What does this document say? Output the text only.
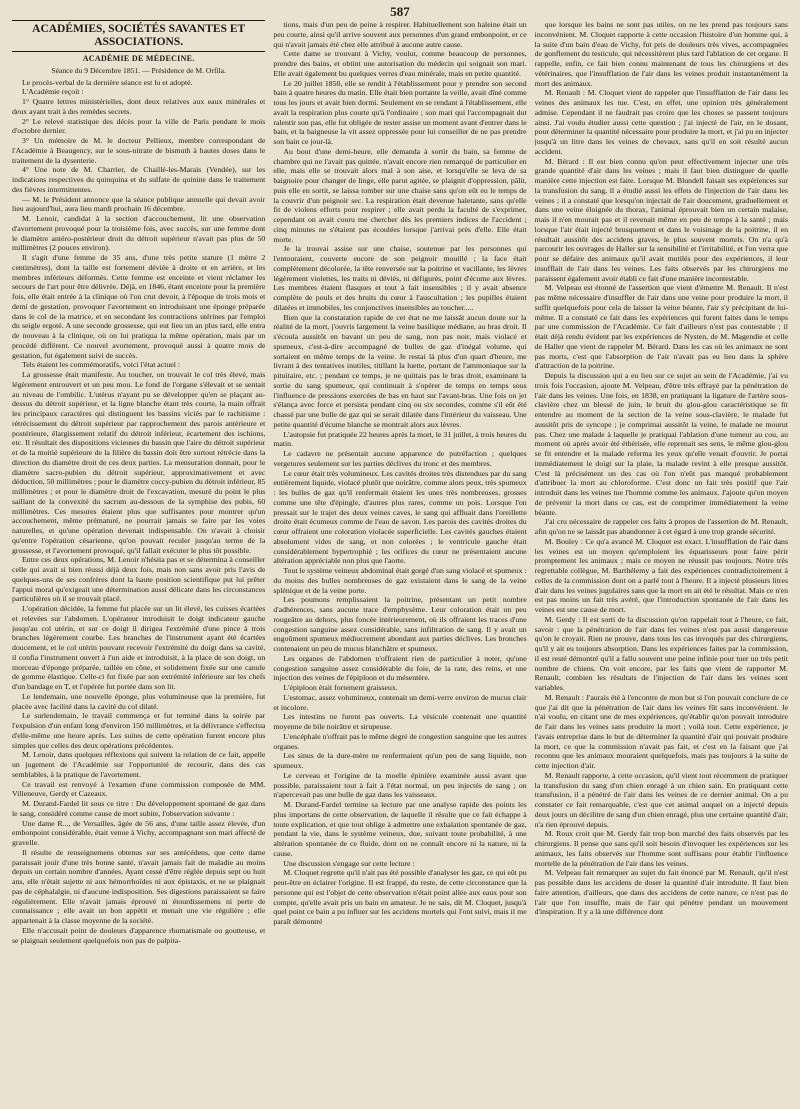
587
ACADÉMIES, SOCIÉTÉS SAVANTES ET ASSOCIATIONS.
ACADÉMIE DE MÉDECINE.
Séance du 9 Décembre 1851. — Présidence de M. Orfila.

Le procès-verbal de la dernière séance est lu et adopté.

L'Académie reçoit :

1° Quatre lettres ministérielles, dont deux relatives aux eaux minérales et deux ayant trait à des remèdes secrets.

2° Le relevé statistique des décès pour la ville de Paris pendant le mois d'octobre dernier.

3° Un mémoire de M. le docteur Pellieux, membre correspondant de l'Académie à Beaugency, sur le sous-nitrate de bismuth à hautes doses dans le traitement de la dysenterie.

4° Une note de M. Charrier, de Chaillé-les-Marais (Vendée), sur les indications respectives du quinquina et du sulfate de quinine dans le traitement des fièvres intermittentes.

— M. le Président annonce que la séance publique annuelle qui devait avoir lieu aujourd'hui, aura lieu mardi prochain 16 décembre.

M. Lenoir, candidat à la section d'accouchement, lit une observation d'avortement provoqué pour la troisième fois, avec succès, sur une femme dont le diamètre antéro-postérieur droit du détroit supérieur n'avait pas plus de 50 millimètres (2 pouces environ).

Il s'agit d'une femme de 35 ans, d'une très petite stature (1 mètre 2 centimètres), dont la taille est fortement déviée à droite et en arrière, et les membres inférieurs déformés. Cette femme est enceinte et vient réclamer les secours de l'art pour être délivrée. Déjà, en 1846, étant enceinte pour la première fois, elle était entrée à la clinique où l'on crut devoir, à l'époque de trois mois et demi de gestation, provoquer l'avortement en introduisant une éponge préparée dans le col de la matrice, et en secondant les contractions utérines par l'emploi du seigle ergoté. A une seconde grossesse, qui eut lieu un an plus tard, elle entra de nouveau à la clinique, où on lui pratiqua la même opération, mais par un procédé différent. Ce nouvel avortement, provoqué aussi à quatre mois de gestation, fut également suivi de succès.

Tels étaient les commémoratifs, voici l'état actuel :

La grossesse était manifeste. Au toucher, on trouvait le col très élevé, mais légèrement entrouvert et un peu mou. Le fond de l'organe s'élevait et se sentait au niveau de l'ombilic. L'utérus n'ayant pu se développer qu'en se plaçant au-dessus du détroit supérieur, et la ligne blanche étant très courte, la main offrait les principaux caractères qui distinguent les bassins viciés par le rachitisme : rétrécissement du détroit supérieur par rapprochement des parois antérieure et postérieure, élargissement relatif du détroit inférieur, écartement des ischions, etc. Il résultait des dispositions vicieuses du bassin que l'aire du détroit supérieur et de la moitié supérieure de la filière du bassin doit être surtout rétrécie dans la direction du diamètre droit de ces deux parties. La mensuration donnait, pour le diamètre sacro-pubien du détroit supérieur, approximativement et avec déduction, 50 millimètres ; pour le diamètre coccy-pubien du détroit inférieur, 85 millimètres ; et pour le diamètre droit de l'excavation, mesuré du point le plus saillant de la convexité du sacrum au-dessous de la symphise des pubis, 60 millimètres. Ces mesures étaient plus que suffisantes pour montrer qu'un accouchement, même prématuré, ne pourrait jamais se faire par les voies naturelles, et qu'une opération devenait indispensable. On n'avait à choisir qu'entre l'opération césarienne, qu'on pouvait reculer jusqu'au terme de la grossesse, et l'avortement provoqué, qu'il fallait exécuter le plus tôt possible.

Entre ces deux opérations, M. Lenoir n'hésita pas et se détermina à conseiller celle qui avait si bien réussi déjà deux fois, mais non sans avoir pris l'avis de quelques-uns de ses confrères dont la haute position scientifique put lui prêter l'appui moral qu'exigeait une détermination aussi délicate dans les circonstances particulières où il se trouvait placé.

L'opération décidée, la femme fut placée sur un lit élevé, les cuisses écartées et relevées sur l'abdomen. L'opérateur introduisit le doigt indicateur gauche jusqu'au col utérin, et sur ce doigt il dirigea l'extrémité d'une pince à trois branches légèrement courbe. Les branches de l'instrument ayant été écartées doucement, et le col utérin pouvant recevoir l'extrémité du doigt dans sa cavité, il confia l'instrument ouvert à l'un aide et introduisit, à la place de son doigt, un morceau d'éponge préparée, taillée en cône, et solidement fixée sur une canule de gomme élastique. Celle-ci fut fixée par son extrémité inférieure sur les chefs d'un bandage en T, et l'opérée fut portée dans son lit.

Le lendemain, une nouvelle éponge, plus volumineuse que la première, fut placée avec facilité dans la cavité du col dilaté.

Le surlendemain, le travail commença et fut terminé dans la soirée par l'expulsion d'un enfant long d'environ 150 millimètres, et la délivrance s'effectua d'elle-même une heure après. Les suites de cette opération furent encore plus simples que celles des deux opérations précédentes.

M. Lenoir, dans quelques réflexions qui suivent la relation de ce fait, appelle un jugement de l'Académie sur l'opportunité de recourir, dans des cas semblables, à la pratique de l'avortement.

Ce travail est renvoyé à l'examen d'une commission composée de MM. Villeneuve, Gerdy et Cazeaux.

M. Durand-Fardel lit sous ce titre : Du développement spontané de gaz dans le sang, considéré comme cause de mort subite, l'observation suivante :

Une dame R..., de Versailles, âgée de 56 ans, d'une taille assez élevée, d'un embonpoint considérable, était venue à Vichy, accompagnant son mari affecté de gravelle.

Il résulte de renseignemens obtenus sur ses antécédens, que cette dame paraissait jouir d'une très bonne santé, n'avait jamais fait de maladie au moins depuis un certain nombre d'années. Ayant cessé d'être réglée depuis sept ou huit ans, elle n'était sujette ni aux hémorrhoïdes ni aux épistaxis, et ne se plaignait pas de céphalalgie, ni d'aucune indisposition. Ses digestions paraissaient se faire régulièrement. Elle n'avait jamais éprouvé ni étourdissemens ni perte de connaissance ; elle avait un bon appétit et menait une vie régulière ; elle appartenait à la classe moyenne de la société.

Elle n'accusait point de douleurs d'apparence rhumatismale ou goutteuse, et se plaignait seulement quelquefois non pas de palpita-

tions, mais d'un peu de peine à respirer. Habituellement son haleine était un peu courte, ainsi qu'il arrive souvent aux personnes d'un grand embonpoint, et ce qui n'avait jamais été chez elle attribué à aucune autre cause.

Cette dame se trouvant à Vichy, voulut, comme beaucoup de personnes, prendre des bains, et obtint une autorisation du médecin qui soignait son mari. Elle avait également bu quelques verres d'eau minérale, mais en petite quantité.

Le 20 juillet 1850, elle se rendit à l'établissement pour y prendre son second bain à quatre heures du matin. Elle était bien portante la veille, avait dîné comme tous les jours et avait bien dormi. Seulement en se rendant à l'établissement, elle avait la respiration plus courte qu'à l'ordinaire ; son mari qui l'accompagnait dut ralentir son pas, elle fut obligée de rester assise un moment avant d'entrer dans le bain, et la baigneuse la vit assez oppressée pour lui conseiller de ne pas prendre son bain ce jour-là.

Au bout d'une demi-heure, elle demanda à sortir du bain, sa femme de chambre qui ne l'avait pas quittée, n'avait encore rien remarqué de particulier en elle, mais elle se trouvait alors mal à son aise, et lorsqu'elle se leva de sa baignoire pour changer de linge, elle parut agitée, se plaignit d'oppression, pâlit, puis elle en sortit, se laissa tomber sur une chaise sans qu'on eût eu le temps de la couvrir d'un peignoir sec. La respiration était devenue haletante, sans qu'elle fit de violens efforts pour respirer ; elle avait perdu la faculté de s'exprimer, cependant on avait couru me chercher dès les premiers indices de l'accident ; cinq minutes ne s'étaient pas écoulées lorsque j'arrivai près d'elle. Elle était morte.

Je la trouvai assise sur une chaise, soutenue par les personnes qui l'entouraient, couverte encore de son peignoir mouillé ; la face était complètement décolorée, la tête renversée sur la poitrine et vacillante, les lèvres légèrement violettes, les traits ni déviés, ni défigurés, point d'écume aux lèvres. Les membres étaient flasques et tout à fait insensibles ; il y avait absence complète de pouls et des bruits du cœur à l'auscultation ; les pupilles étaient dilatées et immobiles, les conjonctives insensibles au toucher.....

Bien que la constatation rapide de cet état ne me laissât aucun doute sur la réalité de la mort, j'ouvris largement la veine basilique médiane, au bras droit. Il s'écoula aussitôt en bavant un peu de sang, non pas noir, mais violacé et spumeux, c'est-à-dire accompagné de bulles de gaz d'inégal volume, qui sortaient en même temps de la veine. Je restai là plus d'un quart d'heure, me livrant à des tentatives inutiles, titillant la luette, portant de l'ammoniaque sur la pituitaire, etc. ; pendant ce temps, je ne quittais pas le bras droit, examinant la sortie du sang spumeux, qui continuait à s'opérer de temps en temps sous l'influence de pressions exercées de bas en haut sur l'avant-bras. Une fois on jet s'élança avec force et persista pendant cinq ou six secondes, comme s'il eût été chassé par une bulle de gaz qui se serait dilatée dans l'intérieur du vaisseau. Une petite quantité d'écume blanche se montrait alors aux lèvres.

L'autopsie fut pratiquée 22 heures après la mort, le 31 juillet, à trois heures du matin.

Le cadavre ne présentait aucune apparence de putréfaction ; quelques vergetures seulement sur les parties déclives du tronc et des membres.

Le cœur était très volumineux. Les cavités droites très distendues par du sang entièrement liquide, violacé plutôt que noirâtre, comme alors peux, très spumeux : les bulles de gaz qu'il renfermait étaient les unes très nombreuses, grosses comme une tête d'épingle, d'autres plus rares, comme un pois. Lorsque l'on pressait sur le trajet des deux veines caves, le sang qui affluait dans l'oreillette droite était écumeux comme de l'eau de savon. Les parois des cavités droites du cœur offraient une coloration violacée superficielle. Les cavités gauches étaient absolument vides de sang, et non colorées ; le ventricule gauche était considérablement hypertrophié ; les orifices du cœur ne présentaient aucune altération appréciable non plus que l'aorte.

Tout le système veineux abdominal était gorgé d'un sang violacé et spumeux : du moins des bulles nombreuses de gaz existaient dans le sang de la veine splénique et de la veine porte.

Les poumons remplissaient la poitrine, présentant un petit nombre d'adhérences, sans aucune trace d'emphysème. Leur coloration était un peu rougeâtre au dehors, plus foncée intérieurement, où ils offraient les traces d'une congestion sanguine assez considérable, sans infiltration de sang. Il y avait un engoûment spumeux médiocrement abondant aux parties déclives. Les bronches contenaient un peu de mucus blanchâtre et spumeux.

Les organes de l'abdomen n'offraient rien de particulier à noter, qu'une congestion sanguine assez considérable du foie, de la rate, des reins, et une injection des veines de l'épiploon et du mésentère.

L'épiploon était fortement graisseux.

L'estomac, assez volumineux, contenait un demi-verre environ de mucus clair et incolore.

Les intestins ne furent pas ouverts. La vésicule contenait une quantité moyenne de bile noirâtre et sirupeuse.

L'encéphale n'offrait pas le même degré de congestion sanguine que les autres organes.

Les sinus de la dure-mère ne renfermaient qu'un peu de sang liquide, non spumeux.

Le cerveau et l'origine de la moelle épinière examinée aussi avant que possible, paraissaient tout à fait à l'état normal, un peu injectés de sang ; on n'apercevait pas une bulle de gaz dans les vaisseaux.

M. Durand-Fardel termine sa lecture par une analyse rapide des points les plus importans de cette observation, de laquelle il résulte que ce fait échappe à toute explication, et que tout oblige à admettre une exhalation spontanée de gaz, pendant la vie, dans le système veineux, due, suivant toute probabilité, à une altération spontanée de ce fluide, dont on ne connaît encore ni la nature, ni la cause.

Une discussion s'engage sur cette lecture :

M. Cloquet regrette qu'il n'ait pas été possible d'analyser les gaz, ce qui eût pu peut-être en éclairer l'origine. Il est frappé, du reste, de cette circonstance que la personne qui est l'objet de cette observation n'était point allée aux eaux pour son compte, qu'elle avait pris un bain en amateur. Je ne sais, dit M. Cloquet, jusqu'à quel point ce bain a pu influer sur les accidens mortels qui l'ont suivi, mais il me paraît démontré

que lorsque les bains ne sont pas utiles, on ne les prend pas toujours sans inconvénient. M. Cloquet rapporte à cette occasion l'histoire d'un homme qui, à la suite d'un bain d'eau de Vichy, fut pris de douleurs très vives, accompagnées de gonflement du testicule, qui nécessitèrent plus tard l'ablation de cet organe. Il rappelle, enfin, ce fait bien connu maintenant de tous les chirurgiens et des vétérinaires, que l'insufflation de l'air dans les veines produit instantanément la mort des animaux.

M. Renault : M. Cloquet vient de rappeler que l'insufflation de l'air dans les veines des animaux les tue. C'est, en effet, une opinion très généralement admise. Cependant il ne faudrait pas croire que les choses se passent toujours ainsi. J'ai voulu étudier aussi cette question ; j'ai injecté de l'air, en le dosant, pour déterminer la quantité nécessaire pour produire la mort, et j'ai pu en injecter jusqu'à un litre dans les veines de chevaux, sans qu'il en soit résulté aucun accident.

M. Bérard : Il est bien connu qu'on peut effectivement injecter une très grande quantité d'air dans les veines ; mais il faut bien distinguer de quelle manière cette injection est faite. Lorsque M. Blundell faisait ses expériences sur la transfusion du sang, il a étudié aussi les effets de l'injection de l'air dans les veines ; il a constaté que lorsqu'on injectait de l'air doucement, graduellement et dans une veine éloignée du thorax, l'animal éprouvait bien un certain malaise, mais il n'en mourait pas et il revenait même en peu de temps à la santé ; mais lorsque l'air était injecté brusquement et dans le voisinage de la poitrine, il en résultait aussitôt des accidens graves, le plus souvent mortels. On n'a qu'à parcourir les ouvrages de Haller sur la sensibilité et l'irritabilité, et l'on verra que pour se défaire des animaux qu'il avait mutilés pour des expériences, il leur insufflait de l'air dans les veines. Les faits observés par les chirurgiens me paraissent également avoir établi ce fait d'une manière incontestable.

M. Velpeau est étonné de l'assertion que vient d'émettre M. Renault. Il n'est pas même nécessaire d'insuffler de l'air dans une veine pour produire la mort, il suffit quelquefois pour cela de laisser la veine béante, l'air s'y précipitant de lui-même. Il a constaté ce fait dans les expériences qui furent faites dans le temps par une commission de l'Académie. Ce fait d'ailleurs n'est pas contestable ; il était déjà rendu évident par les expériences de Nysten, de M. Magendie et celle de Haller que vient de rappeler M. Bérard. Dans les cas où les animaux ne sont pas morts, c'est que l'absorption de l'air n'avait pas eu lieu dans la sphère d'attraction de la poitrine.

Depuis la discussion qui a eu lieu sur ce sujet au sein de l'Académie, j'ai vu trois fois l'occasion, ajoute M. Velpeau, d'être très effrayé par la pénétration de l'air dans les veines. Une fois, en 1838, en pratiquant la ligature de l'artère sous-clavière chez un blessé de juin, le bruit du glou-glou caractéristique se fit entendre au moment de la section de la veine sous-clavière, le malade fut aussitôt pris de syncope ; je comprimai aussitôt la veine, le malade ne mourut pas. Chez une malade à laquelle je pratiquai l'ablation d'une tumeur au cou, au moment où après avoir été éthérisée, elle reprenait ses sens, le même glou-glou se fit entendre et la malade referma les yeux qu'elle venait d'ouvrir. Je portai immédiatement le doigt sur la plaie, la malade revint à elle presque aussitôt. C'est là précisément un des cas où l'on n'eût pas manqué probablement d'attribuer la mort au chloroforme. C'est donc un fait très positif que l'air introduit dans les veines tue l'homme comme les animaux. J'ajoute qu'on moyen de prévenir la mort dans ce cas, est de comprimer immédiatement la veine béante.

J'ai cru nécessaire de rappeler ces faits à propos de l'assertion de M. Renault, afin qu'on ne se laissât pas abandonner à cet égard à une trop grande sécurité.

M. Bouley : Ce qu'a avancé M. Cloquet est exact. L'insufflation de l'air dans les veines est un moyen qu'emploient les équarisseurs pour faire périr promptement les animaux ; mais ce moyen ne réussit pas toujours. Notre très regrettable collègue, M. Barthélemy a fait des expériences contradictoirement à celles de la commission dont on a parlé tout à l'heure. Il a injecté plusieurs litres d'air dans les veines jugulaires sans que la mort en ait été le résultat. Mais ce n'en est pas moins un fait très avéré, que l'introduction spontanée de l'air dans les veines est une cause de mort.

M. Gerdy : Il est sorti de la discussion qu'on rappelait tout à l'heure, ce fait, savoir : que la pénétration de l'air dans les veines n'est pas aussi dangereuse qu'on le croyait. Rien ne prouve, dans tous les cas invoqués par des chirurgiens, qu'il y ait eu toujours absorption. Dans les expériences faites par la commission, il est resté démontré qu'il a fallu souvent une peine infinie pour tuer un très petit nombre de chiens. On voit encore, par les faits que vient de rapporter M. Renault, combien les résultats de l'injection de l'air dans les veines sont variables.

M. Renault : J'aurais été à l'encontre de mon but si l'on pouvait conclure de ce que j'ai dit que la pénétration de l'air dans les veines fût sans inconvénient. Je n'ai voulu, en citant une de mes expériences, qu'établir qu'on pouvait introduire de l'air dans les veines sans produire la mort ; voilà tout. Cette expérience, je l'avais entreprise dans le but de déterminer la quantité d'air qui pouvait produire la mort, ce que la commission n'avait pas fait, et c'est en la faisant que j'ai reconnu que les animaux mouraient quelquefois, mais pas toujours à la suite de cette injection d'air.

M. Renault rapporte, à cette occasion, qu'il vient tout récemment de pratiquer la transfusion du sang d'un chien enragé à un chien sain. En pratiquant cette transfusion, il a pénétré de l'air dans les veines de ce dernier animal. On a pu constater ce fait remarquable, c'est que cet animal auquel on a injecté depuis deux jours un décilitre de sang d'un chien enragé, plus une certaine quantité d'air, n'a rien éprouvé depuis.

M. Roux croit que M. Gerdy fait trop bon marché des faits observés par les chirurgiens. Il pense que sans qu'il soit besoin d'invoquer les expériences sur les animaux, les faits observés sur l'homme sont suffisans pour établir l'influence mortelle de la pénétration de l'air dans les veines.

M. Velpeau fait remarquer au sujet du fait énoncé par M. Renault, qu'il n'est pas possible dans les accidens de doser la quantité d'air introduite. Il faut bien faire attention, d'ailleurs, que dans des accidens de cette nature, ce n'est pas de l'air que l'on insuffle, mais de l'air qui pénètre pendant un mouvement d'inspiration. Il y a là une différence dont
